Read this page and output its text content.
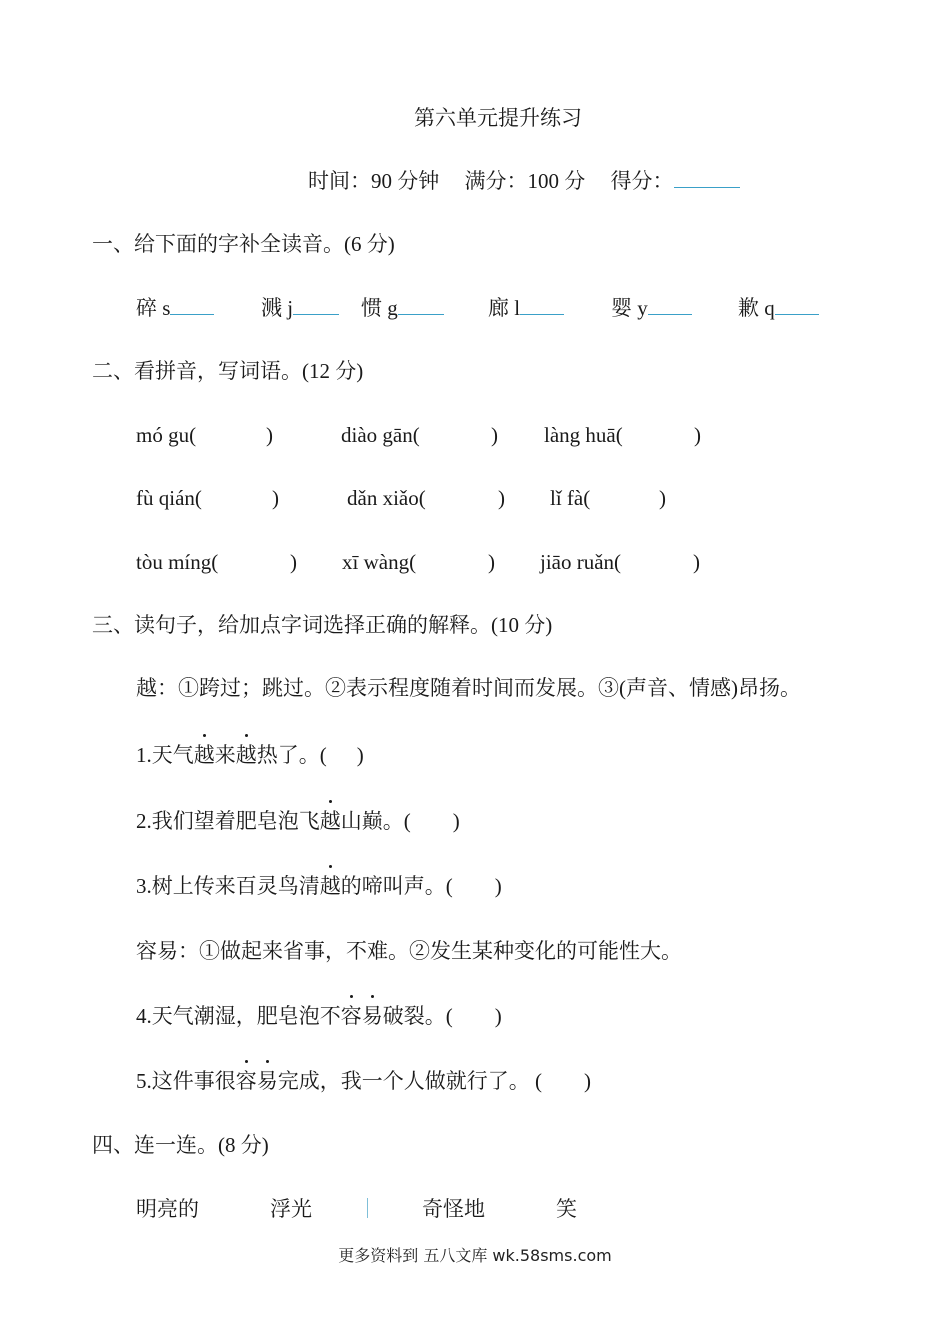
第六单元提升练习
时间：90 分钟 满分：100 分 得分：
一、给下面的字补全读音。(6 分)
碎 s	溅 j	惯 g	廊 l	婴 y	歉 q
二、看拼音，写词语。(12 分)
mó gu(	)	diào gān(	) làng huā(	)
fù qián(	)	dǎn xiǎo(	) lǐ fà(	)
tòu míng(	) xī wàng(	) jiāo ruǎn(	)
三、读句子，给加点字词选择正确的解释。(10 分)
越：①跨过；跳过。②表示程度随着时间而发展。③(声音、情感)昂扬。
1.天气越来越热了。( )
2.我们望着肥皂泡飞越山巅。( )
3.树上传来百灵鸟清越的啼叫声。( )
容易：①做起来省事，不难。②发生某种变化的可能性大。
4.天气潮湿，肥皂泡不容易破裂。( )
5.这件事很容易完成，我一个人做就行了。 ( )
四、连一连。(8 分)
明亮的	浮光	奇怪地	笑
更多资料到 五八文库 wk.58sms.com
